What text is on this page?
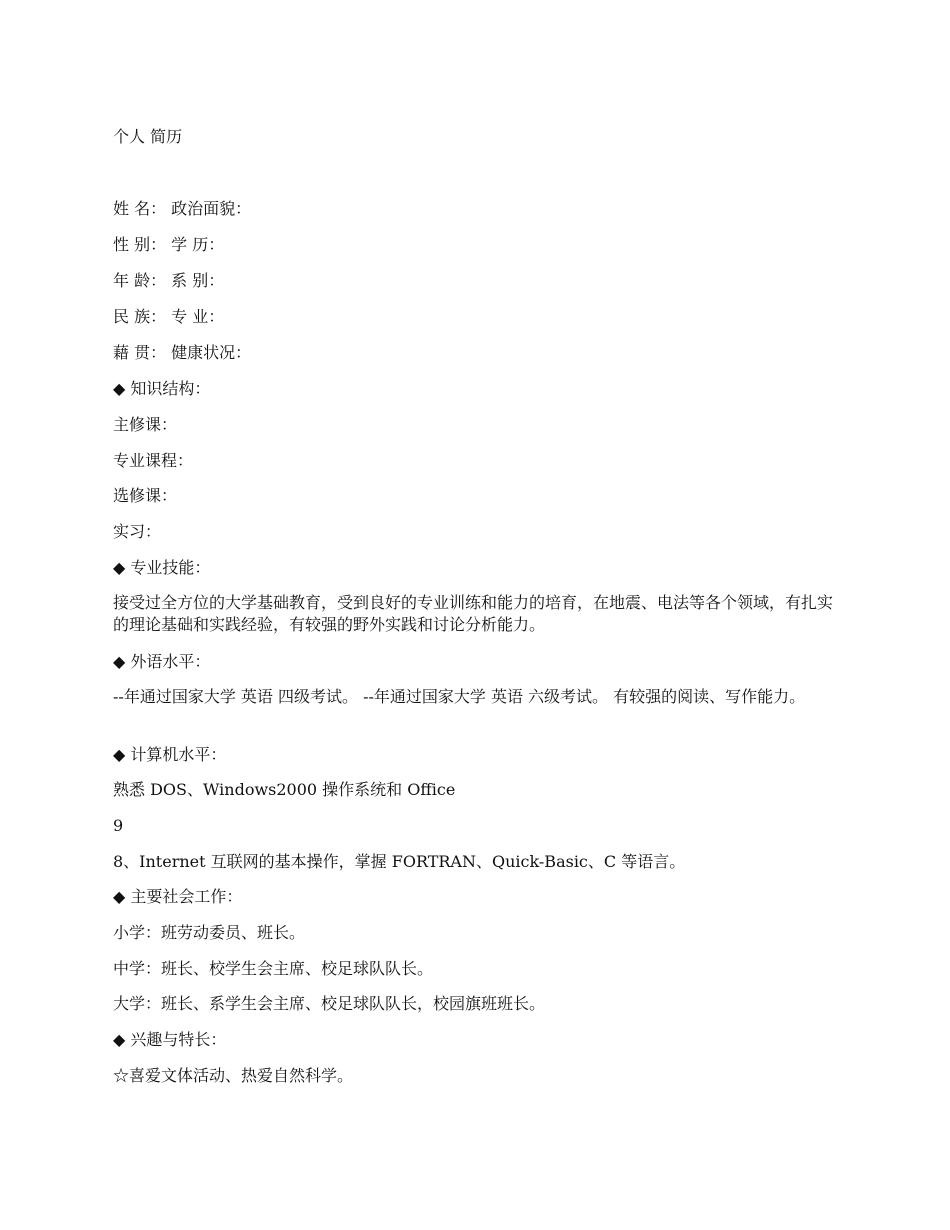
个人 简历
姓 名： 政治面貌：
性 别： 学 历：
年 龄： 系 别：
民 族： 专 业：
藉 贯： 健康状况：
◆ 知识结构：
主修课：
专业课程：
选修课：
实习：
◆ 专业技能：
接受过全方位的大学基础教育，受到良好的专业训练和能力的培育，在地震、电法等各个领域，有扎实的理论基础和实践经验，有较强的野外实践和讨论分析能力。
◆ 外语水平：
--年通过国家大学 英语 四级考试。 --年通过国家大学 英语 六级考试。 有较强的阅读、写作能力。
◆ 计算机水平：
熟悉 DOS、Windows2000 操作系统和 Office
9
8、Internet 互联网的基本操作，掌握 FORTRAN、Quick-Basic、C 等语言。
◆ 主要社会工作：
小学：班劳动委员、班长。
中学：班长、校学生会主席、校足球队队长。
大学：班长、系学生会主席、校足球队队长，校园旗班班长。
◆ 兴趣与特长：
☆喜爱文体活动、热爱自然科学。
